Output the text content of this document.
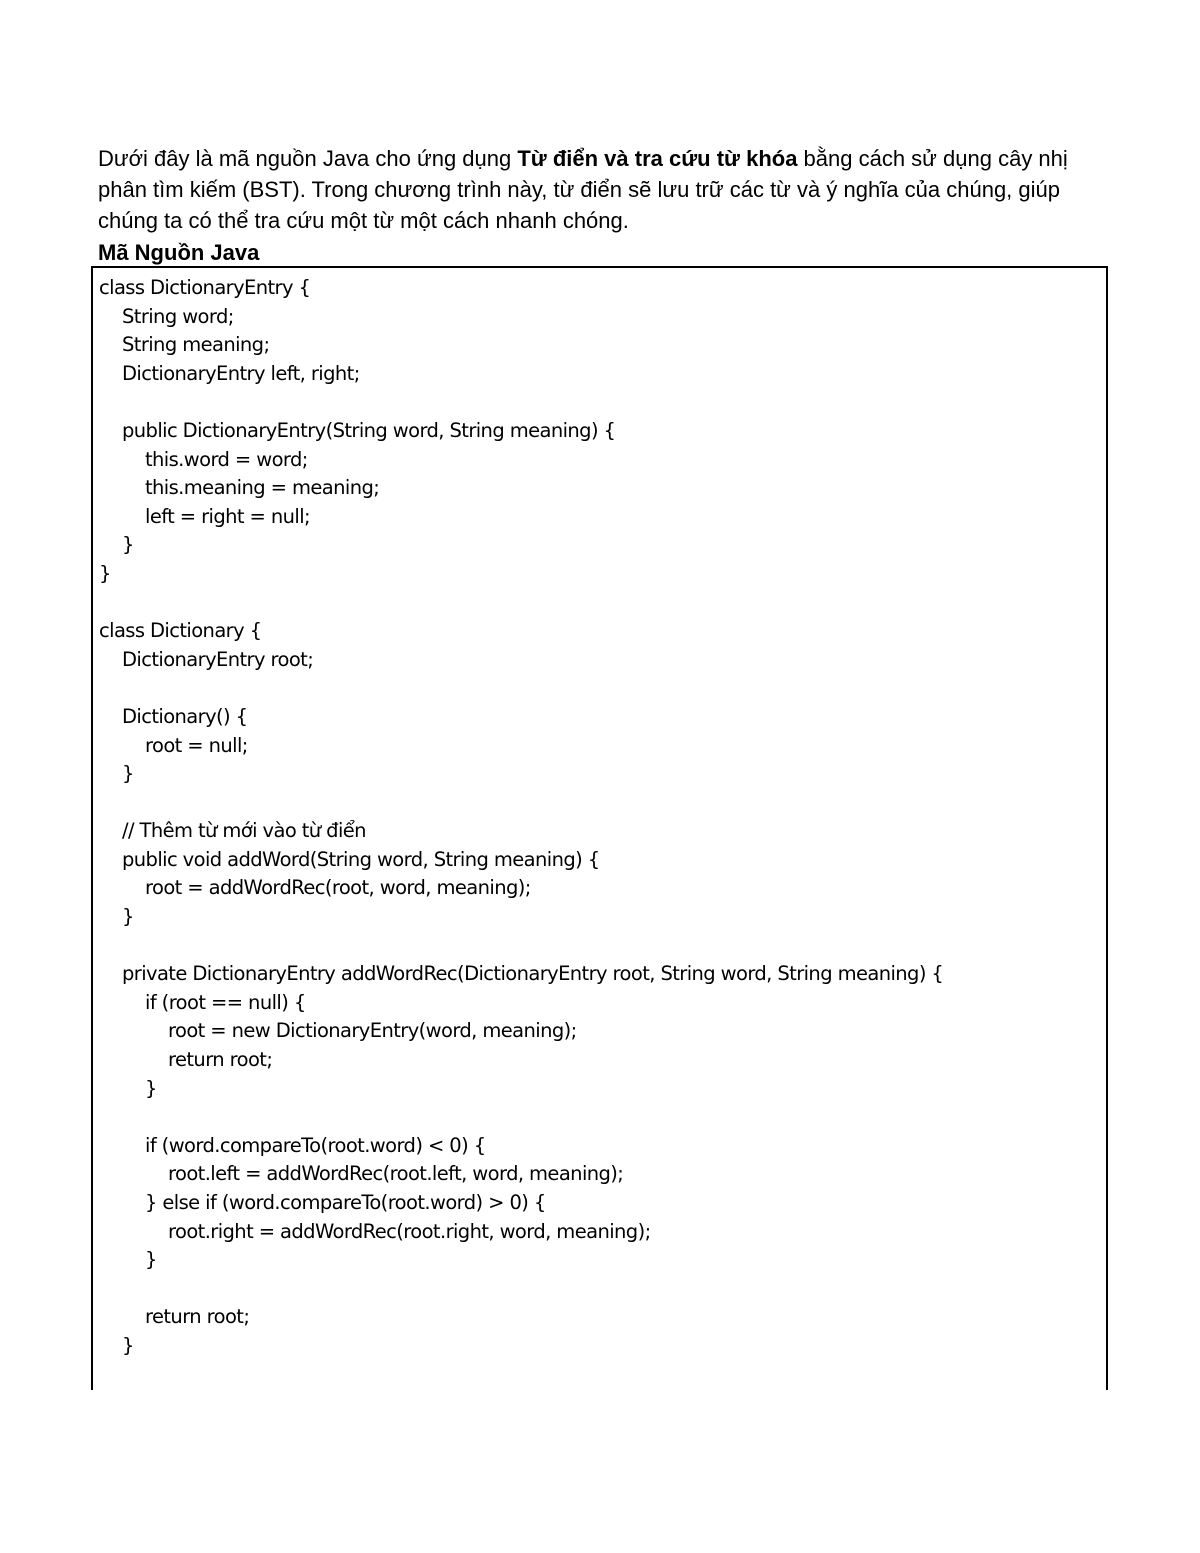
Dưới đây là mã nguồn Java cho ứng dụng Từ điển và tra cứu từ khóa bằng cách sử dụng cây nhị phân tìm kiếm (BST). Trong chương trình này, từ điển sẽ lưu trữ các từ và ý nghĩa của chúng, giúp chúng ta có thể tra cứu một từ một cách nhanh chóng.

Mã Nguồn Java
class DictionaryEntry {
String word;
String meaning;
DictionaryEntry left, right;
public DictionaryEntry(String word, String meaning) {
this.word = word;
this.meaning = meaning;
left = right = null;
}
}
class Dictionary {
DictionaryEntry root;
Dictionary() {
root = null;
}
// Thêm từ mới vào từ điển
public void addWord(String word, String meaning) {
root = addWordRec(root, word, meaning);
}
private DictionaryEntry addWordRec(DictionaryEntry root, String word, String meaning) {
if (root == null) {
root = new DictionaryEntry(word, meaning);
return root;
}
if (word.compareTo(root.word) < 0) {
root.left = addWordRec(root.left, word, meaning);
} else if (word.compareTo(root.word) > 0) {
root.right = addWordRec(root.right, word, meaning);
}
return root;
}
